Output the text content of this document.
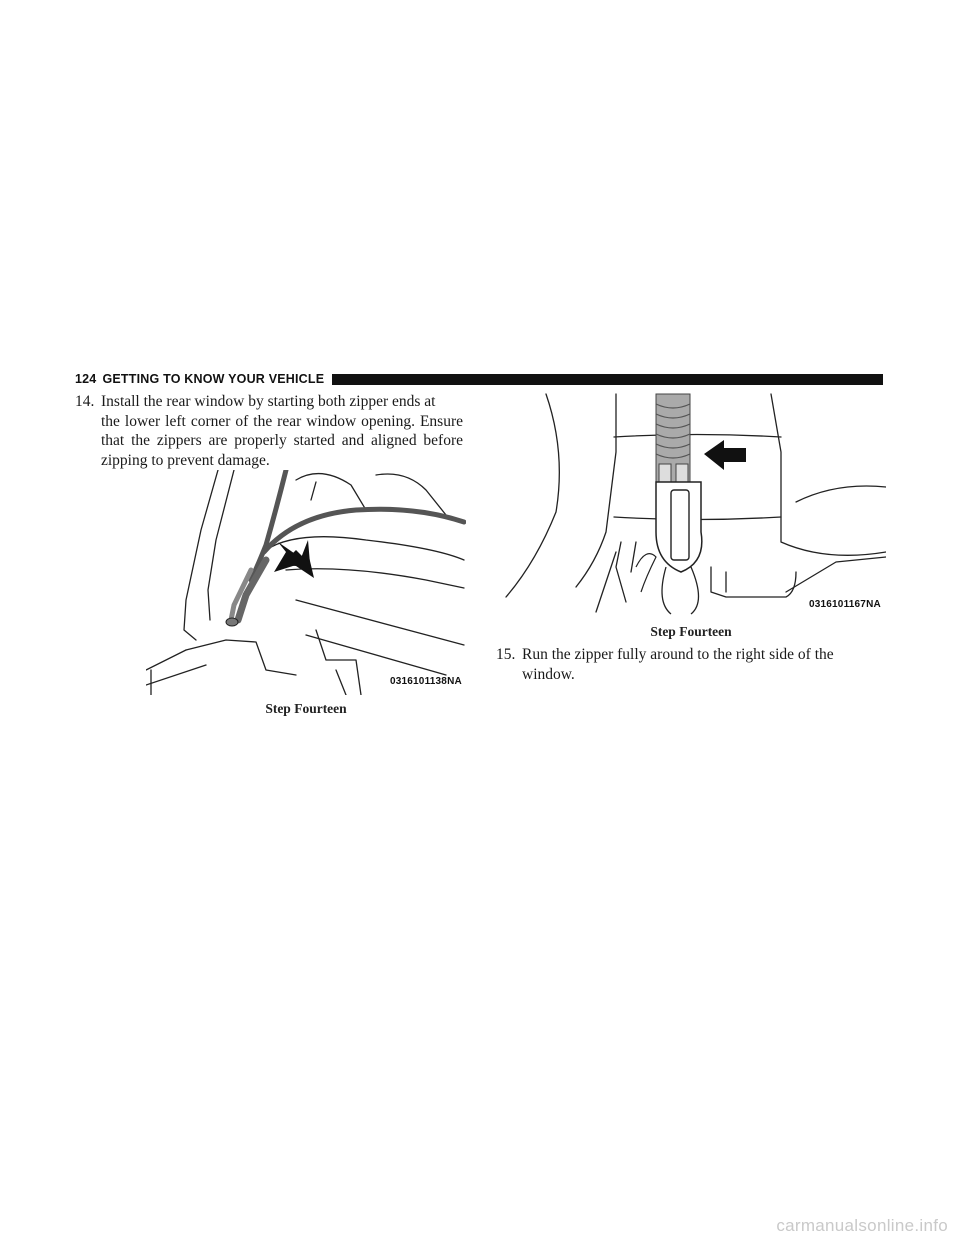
124 GETTING TO KNOW YOUR VEHICLE
14. Install the rear window by starting both zipper ends at
the lower left corner of the rear window opening. Ensure that the zippers are properly started and aligned before zipping to prevent damage.
0316101138NA
Step Fourteen
0316101167NA
Step Fourteen
15. Run the zipper fully around to the right side of the
window.
carmanualsonline.info
